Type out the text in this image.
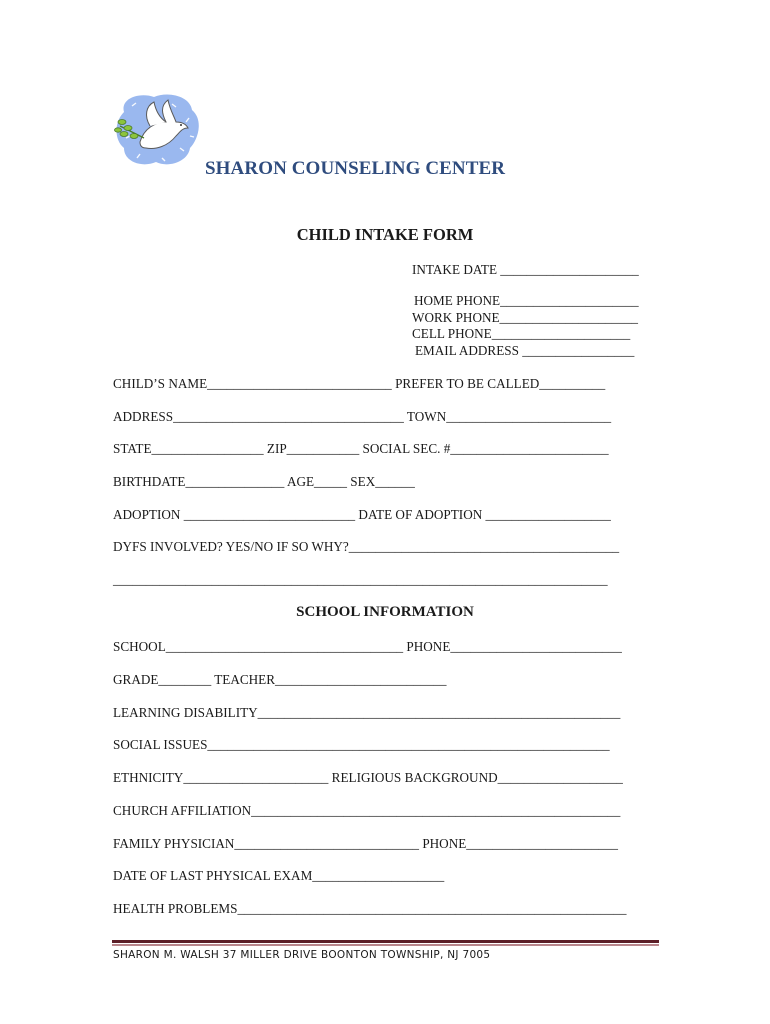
SHARON COUNSELING CENTER
CHILD INTAKE FORM
INTAKE DATE _____________________
HOME PHONE_____________________
WORK PHONE_____________________
CELL PHONE_____________________
EMAIL ADDRESS _________________
CHILD’S NAME____________________________ PREFER TO BE CALLED__________
ADDRESS___________________________________ TOWN_________________________
STATE_________________ ZIP___________ SOCIAL SEC. #________________________
BIRTHDATE_______________ AGE_____ SEX______
ADOPTION __________________________ DATE OF ADOPTION ___________________
DYFS INVOLVED? YES/NO IF SO WHY?_________________________________________
___________________________________________________________________________
SCHOOL INFORMATION
SCHOOL____________________________________ PHONE__________________________
GRADE________ TEACHER__________________________
LEARNING DISABILITY_______________________________________________________
SOCIAL ISSUES_____________________________________________________________
ETHNICITY______________________ RELIGIOUS BACKGROUND___________________
CHURCH AFFILIATION________________________________________________________
FAMILY PHYSICIAN____________________________ PHONE_______________________
DATE OF LAST PHYSICAL EXAM____________________
HEALTH PROBLEMS___________________________________________________________
SHARON M. WALSH 37 MILLER DRIVE BOONTON TOWNSHIP, NJ 7005
